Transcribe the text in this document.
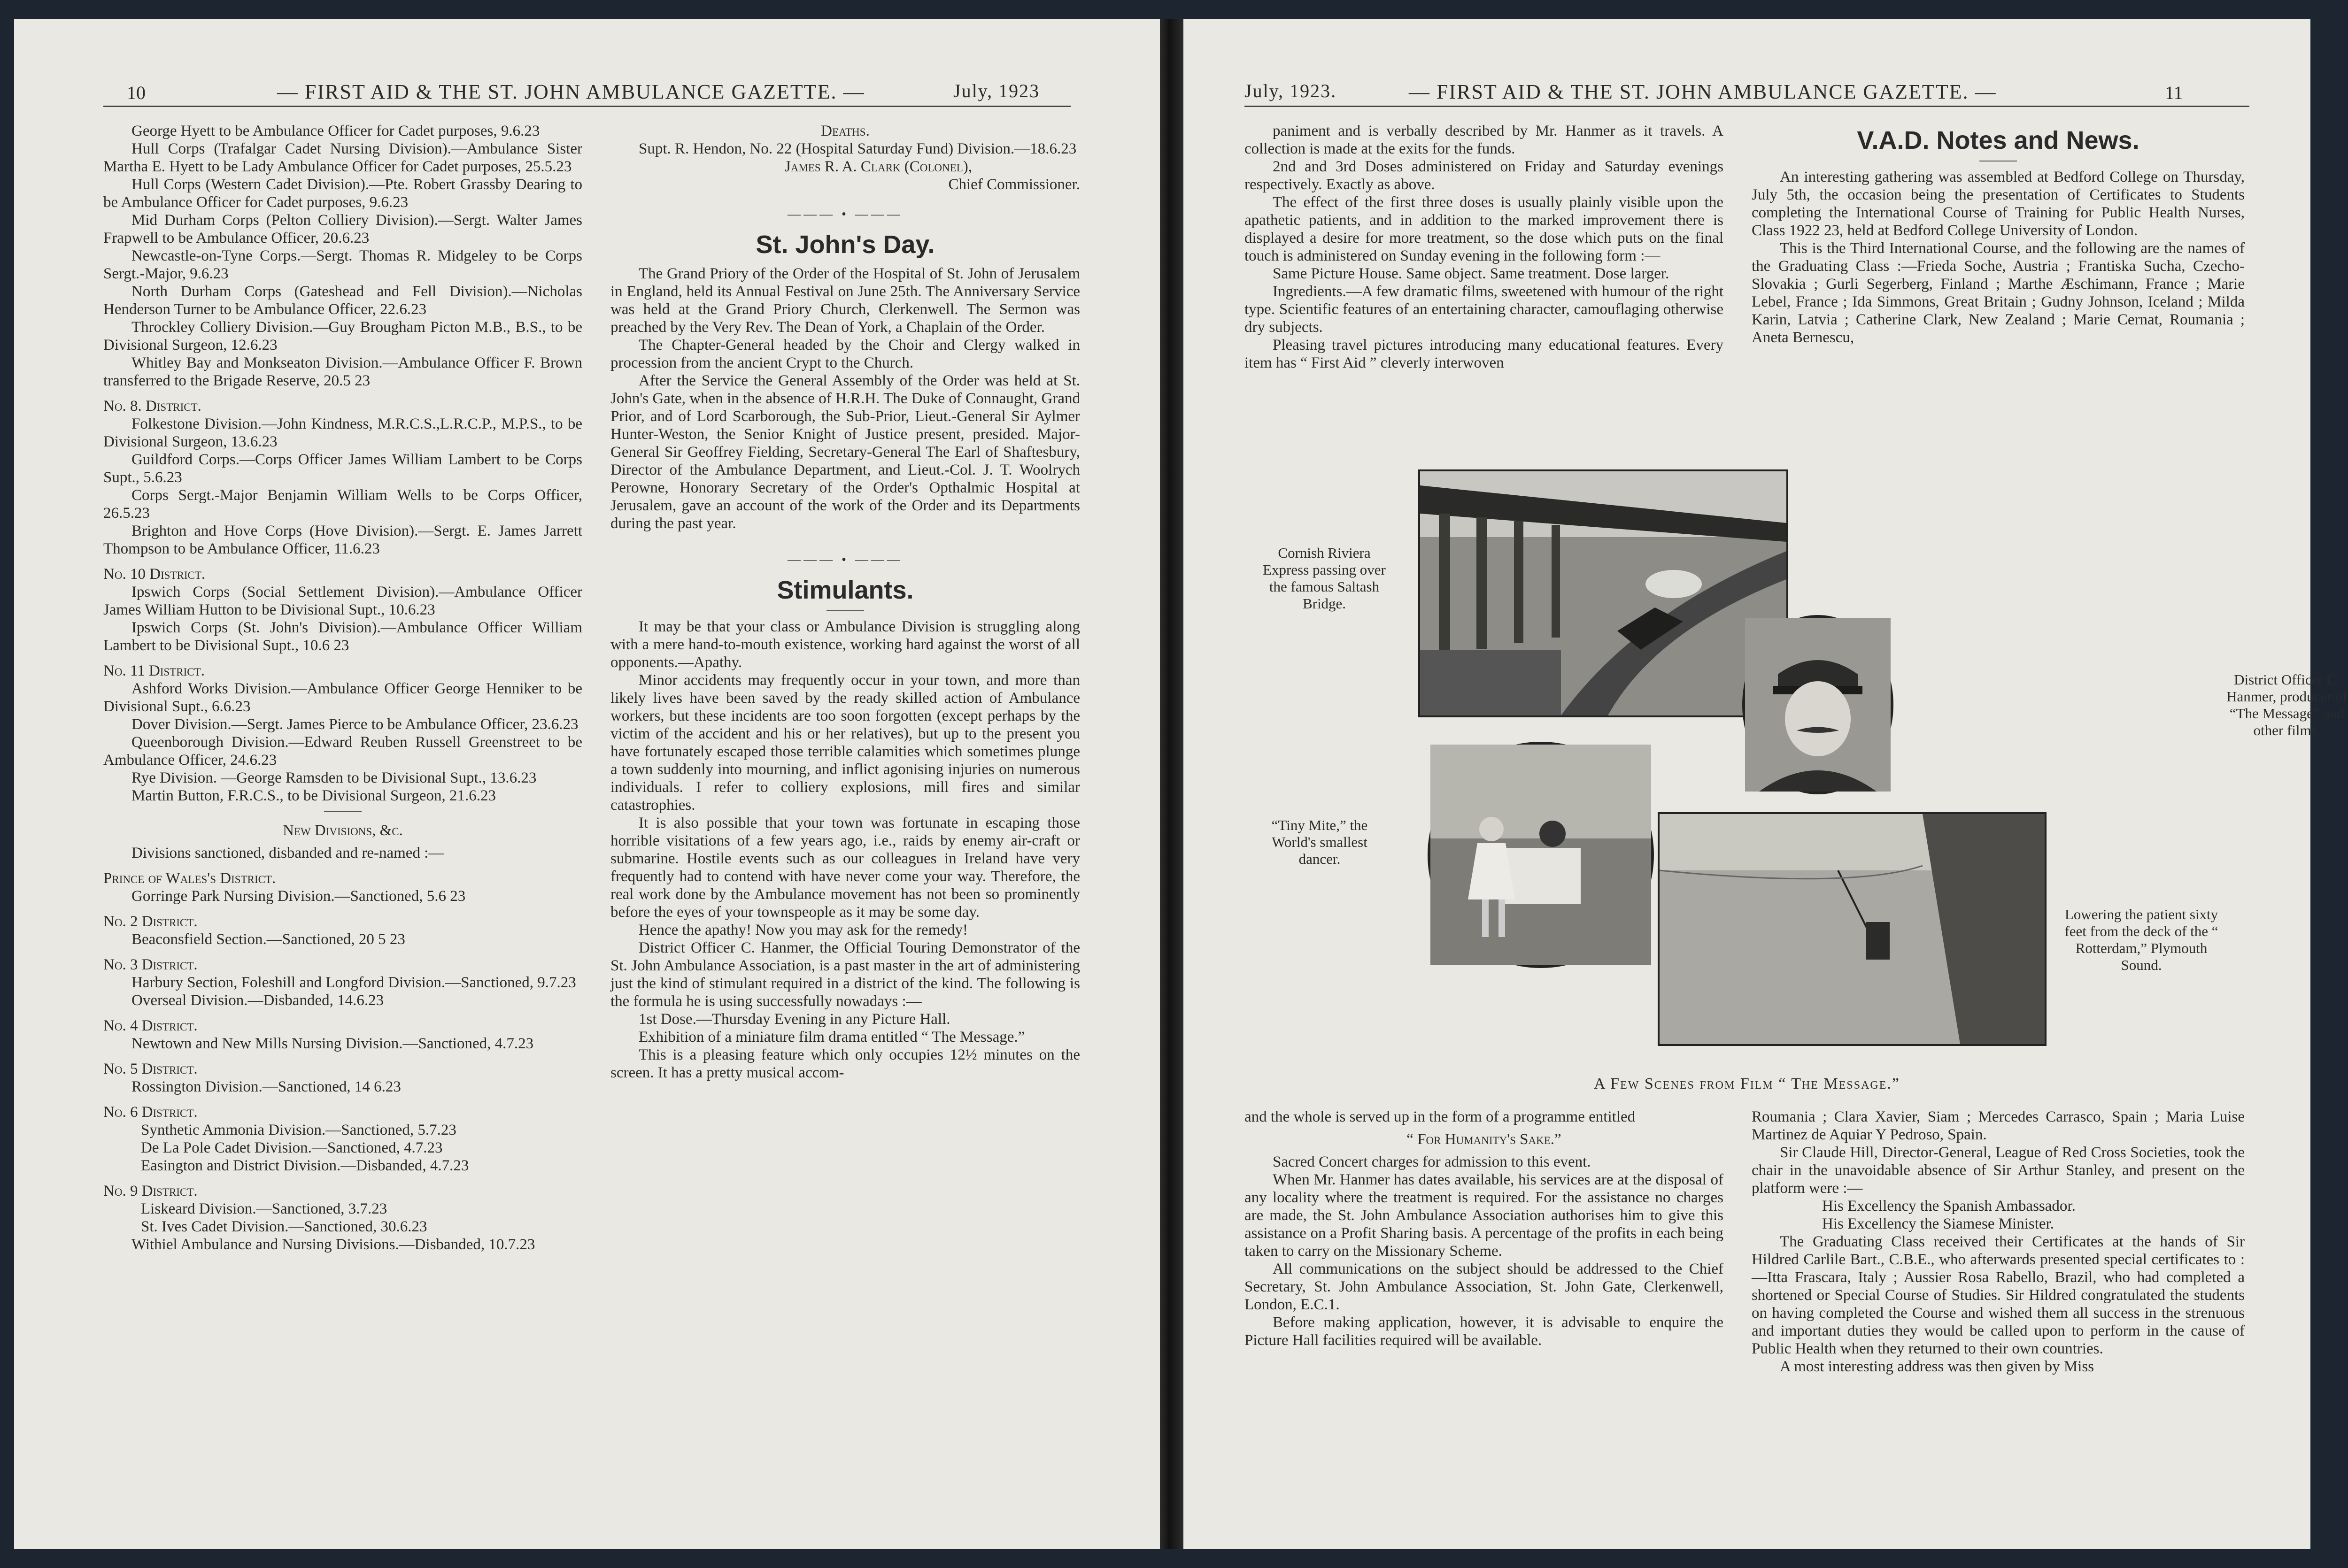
10	— FIRST AID & THE ST. JOHN AMBULANCE GAZETTE. —	July, 1923

George Hyett to be Ambulance Officer for Cadet purposes, 9.6.23

Hull Corps (Trafalgar Cadet Nursing Division).—Ambulance Sister Martha E. Hyett to be Lady Ambulance Officer for Cadet purposes, 25.5.23

Hull Corps (Western Cadet Division).—Pte. Robert Grassby Dearing to be Ambulance Officer for Cadet purposes, 9.6.23

Mid Durham Corps (Pelton Colliery Division).—Sergt. Walter James Frapwell to be Ambulance Officer, 20.6.23

Newcastle-on-Tyne Corps.—Sergt. Thomas R. Midgeley to be Corps Sergt.-Major, 9.6.23

North Durham Corps (Gateshead and Fell Division).—Nicholas Henderson Turner to be Ambulance Officer, 22.6.23

Throckley Colliery Division.—Guy Brougham Picton M.B., B.S., to be Divisional Surgeon, 12.6.23

Whitley Bay and Monkseaton Division.—Ambulance Officer F. Brown transferred to the Brigade Reserve, 20.5 23

No. 8. District.

Folkestone Division.—John Kindness, M.R.C.S.,L.R.C.P., M.P.S., to be Divisional Surgeon, 13.6.23

Guildford Corps.—Corps Officer James William Lambert to be Corps Supt., 5.6.23

Corps Sergt.-Major Benjamin William Wells to be Corps Officer, 26.5.23

Brighton and Hove Corps (Hove Division).—Sergt. E. James Jarrett Thompson to be Ambulance Officer, 11.6.23

No. 10 District.

Ipswich Corps (Social Settlement Division).—Ambulance Officer James William Hutton to be Divisional Supt., 10.6.23

Ipswich Corps (St. John's Division).—Ambulance Officer William Lambert to be Divisional Supt., 10.6 23

No. 11 District.

Ashford Works Division.—Ambulance Officer George Henniker to be Divisional Supt., 6.6.23

Dover Division.—Sergt. James Pierce to be Ambulance Officer, 23.6.23

Queenborough Division.—Edward Reuben Russell Greenstreet to be Ambulance Officer, 24.6.23

Rye Division. —George Ramsden to be Divisional Supt., 13.6.23

Martin Button, F.R.C.S., to be Divisional Surgeon, 21.6.23

New Divisions, &c.

Divisions sanctioned, disbanded and re-named :—

Prince of Wales's District.

Gorringe Park Nursing Division.—Sanctioned, 5.6 23

No. 2 District.

Beaconsfield Section.—Sanctioned, 20 5 23

No. 3 District.

Harbury Section, Foleshill and Longford Division.—Sanctioned, 9.7.23

Overseal Division.—Disbanded, 14.6.23

No. 4 District.

Newtown and New Mills Nursing Division.—Sanctioned, 4.7.23

No. 5 District.

Rossington Division.—Sanctioned, 14 6.23

No. 6 District.

Synthetic Ammonia Division.—Sanctioned, 5.7.23

De La Pole Cadet Division.—Sanctioned, 4.7.23

Easington and District Division.—Disbanded, 4.7.23

No. 9 District.

Liskeard Division.—Sanctioned, 3.7.23

St. Ives Cadet Division.—Sanctioned, 30.6.23

Withiel Ambulance and Nursing Divisions.—Disbanded, 10.7.23

Deaths.

Supt. R. Hendon, No. 22 (Hospital Saturday Fund) Division.—18.6.23

James R. A. Clark (Colonel),

Chief Commissioner.

——— • ———
St. John's Day.

The Grand Priory of the Order of the Hospital of St. John of Jerusalem in England, held its Annual Festival on June 25th. The Anniversary Service was held at the Grand Priory Church, Clerkenwell. The Sermon was preached by the Very Rev. The Dean of York, a Chaplain of the Order.

The Chapter-General headed by the Choir and Clergy walked in procession from the ancient Crypt to the Church.

After the Service the General Assembly of the Order was held at St. John's Gate, when in the absence of H.R.H. The Duke of Connaught, Grand Prior, and of Lord Scarborough, the Sub-Prior, Lieut.-General Sir Aylmer Hunter-Weston, the Senior Knight of Justice present, presided. Major-General Sir Geoffrey Fielding, Secretary-General The Earl of Shaftesbury, Director of the Ambulance Department, and Lieut.-Col. J. T. Woolrych Perowne, Honorary Secretary of the Order's Opthalmic Hospital at Jerusalem, gave an account of the work of the Order and its Departments during the past year.

——— • ———
Stimulants.

It may be that your class or Ambulance Division is struggling along with a mere hand-to-mouth existence, working hard against the worst of all opponents.—Apathy.

Minor accidents may frequently occur in your town, and more than likely lives have been saved by the ready skilled action of Ambulance workers, but these incidents are too soon forgotten (except perhaps by the victim of the accident and his or her relatives), but up to the present you have fortunately escaped those terrible calamities which sometimes plunge a town suddenly into mourning, and inflict agonising injuries on numerous individuals. I refer to colliery explosions, mill fires and similar catastrophies.

It is also possible that your town was fortunate in escaping those horrible visitations of a few years ago, i.e., raids by enemy air-craft or submarine. Hostile events such as our colleagues in Ireland have very frequently had to contend with have never come your way. Therefore, the real work done by the Ambulance movement has not been so prominently before the eyes of your townspeople as it may be some day.

Hence the apathy! Now you may ask for the remedy!

District Officer C. Hanmer, the Official Touring Demonstrator of the St. John Ambulance Association, is a past master in the art of administering just the kind of stimulant required in a district of the kind. The following is the formula he is using successfully nowadays :—

1st Dose.—Thursday Evening in any Picture Hall.

Exhibition of a miniature film drama entitled “ The Message.”

This is a pleasing feature which only occupies 12½ minutes on the screen. It has a pretty musical accom-

July, 1923.	— FIRST AID & THE ST. JOHN AMBULANCE GAZETTE. —	11

paniment and is verbally described by Mr. Hanmer as it travels. A collection is made at the exits for the funds.

2nd and 3rd Doses administered on Friday and Saturday evenings respectively. Exactly as above.

The effect of the first three doses is usually plainly visible upon the apathetic patients, and in addition to the marked improvement there is displayed a desire for more treatment, so the dose which puts on the final touch is administered on Sunday evening in the following form :—

Same Picture House. Same object. Same treatment. Dose larger.

Ingredients.—A few dramatic films, sweetened with humour of the right type. Scientific features of an entertaining character, camouflaging otherwise dry subjects.

Pleasing travel pictures introducing many educational features. Every item has “ First Aid ” cleverly interwoven

V.A.D. Notes and News.

An interesting gathering was assembled at Bedford College on Thursday, July 5th, the occasion being the presentation of Certificates to Students completing the International Course of Training for Public Health Nurses, Class 1922 23, held at Bedford College University of London.

This is the Third International Course, and the following are the names of the Graduating Class :—Frieda Soche, Austria ; Frantiska Sucha, Czecho-Slovakia ; Gurli Segerberg, Finland ; Marthe Æschimann, France ; Marie Lebel, France ; Ida Simmons, Great Britain ; Gudny Johnson, Iceland ; Milda Karin, Latvia ; Catherine Clark, New Zealand ; Marie Cernat, Roumania ; Aneta Bernescu,

Cornish Riviera Express passing over the famous Saltash Bridge.
District Officer C. Hanmer, producer of “The Message” and other films.
“Tiny Mite,” the World's smallest dancer.
Lowering the patient sixty feet from the deck of the “ Rotterdam,” Plymouth Sound.
A Few Scenes from Film “ The Message.”

and the whole is served up in the form of a programme entitled

“ For Humanity's Sake.”

Sacred Concert charges for admission to this event.

When Mr. Hanmer has dates available, his services are at the disposal of any locality where the treatment is required. For the assistance no charges are made, the St. John Ambulance Association authorises him to give this assistance on a Profit Sharing basis. A percentage of the profits in each being taken to carry on the Missionary Scheme.

All communications on the subject should be addressed to the Chief Secretary, St. John Ambulance Association, St. John Gate, Clerkenwell, London, E.C.1.

Before making application, however, it is advisable to enquire the Picture Hall facilities required will be available.

Roumania ; Clara Xavier, Siam ; Mercedes Carrasco, Spain ; Maria Luise Martinez de Aquiar Y Pedroso, Spain.

Sir Claude Hill, Director-General, League of Red Cross Societies, took the chair in the unavoidable absence of Sir Arthur Stanley, and present on the platform were :—

His Excellency the Spanish Ambassador.

His Excellency the Siamese Minister.

The Graduating Class received their Certificates at the hands of Sir Hildred Carlile Bart., C.B.E., who afterwards presented special certificates to :—Itta Frascara, Italy ; Aussier Rosa Rabello, Brazil, who had completed a shortened or Special Course of Studies. Sir Hildred congratulated the students on having completed the Course and wished them all success in the strenuous and important duties they would be called upon to perform in the cause of Public Health when they returned to their own countries.

A most interesting address was then given by Miss
